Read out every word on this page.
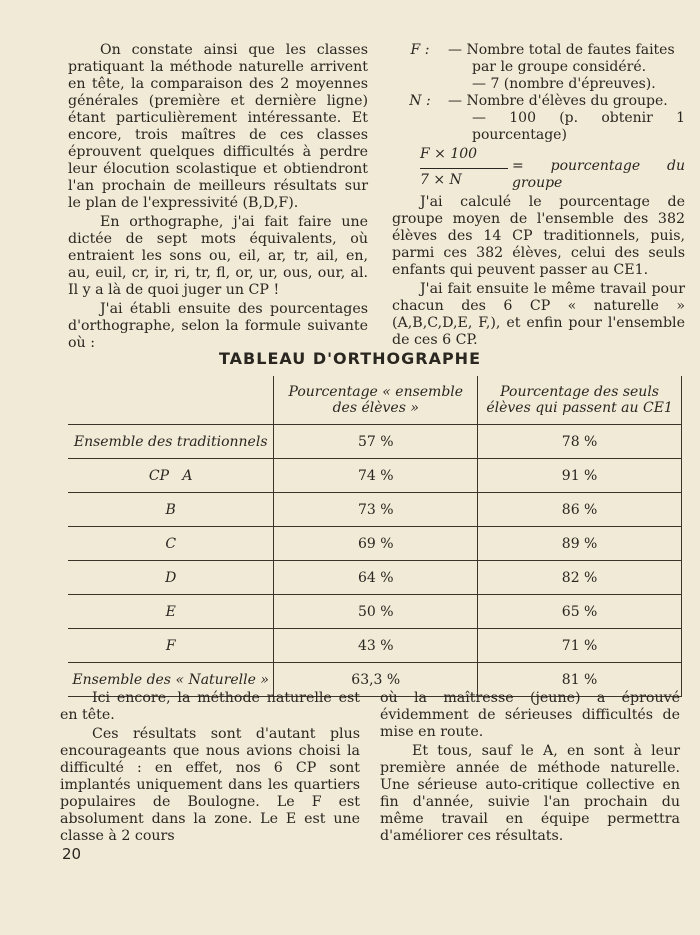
On constate ainsi que les classes pratiquant la méthode naturelle arrivent en tête, la comparaison des 2 moyennes générales (première et dernière ligne) étant particulièrement intéressante. Et encore, trois maîtres de ces classes éprouvent quelques difficultés à perdre leur élocution scolastique et obtiendront l'an prochain de meilleurs résultats sur le plan de l'expressivité (B,D,F).

En orthographe, j'ai fait faire une dictée de sept mots équivalents, où entraient les sons ou, eil, ar, tr, ail, en, au, euil, cr, ir, ri, tr, fl, or, ur, ous, our, al. Il y a là de quoi juger un CP !

J'ai établi ensuite des pourcentages d'orthographe, selon la formule suivante où :

F :	— Nombre total de fautes faites
par le groupe considéré.
— 7 (nombre d'épreuves).
N :	— Nombre d'élèves du groupe.
— 100 (p. obtenir 1 pourcentage)
F × 100
7 × N
= pourcentage du groupe

J'ai calculé le pourcentage de groupe moyen de l'ensemble des 382 élèves des 14 CP traditionnels, puis, parmi ces 382 élèves, celui des seuls enfants qui peuvent passer au CE1.

J'ai fait ensuite le même travail pour chacun des 6 CP « naturelle » (A,B,C,D,E, F,), et enfin pour l'ensemble de ces 6 CP.

TABLEAU D'ORTHOGRAPHE
	Pourcentage « ensemble des élèves »	Pourcentage des seuls élèves qui passent au CE1
Ensemble des traditionnels	57 %	78 %
CP A	74 %	91 %
B	73 %	86 %
C	69 %	89 %
D	64 %	82 %
E	50 %	65 %
F	43 %	71 %
Ensemble des « Naturelle »	63,3 %	81 %

Ici encore, la méthode naturelle est en tête.

Ces résultats sont d'autant plus encourageants que nous avions choisi la difficulté : en effet, nos 6 CP sont implantés uniquement dans les quartiers populaires de Boulogne. Le F est absolument dans la zone. Le E est une classe à 2 cours

où la maîtresse (jeune) a éprouvé évidemment de sérieuses difficultés de mise en route.

Et tous, sauf le A, en sont à leur première année de méthode naturelle. Une sérieuse auto-critique collective en fin d'année, suivie l'an prochain du même travail en équipe permettra d'améliorer ces résultats.

20
